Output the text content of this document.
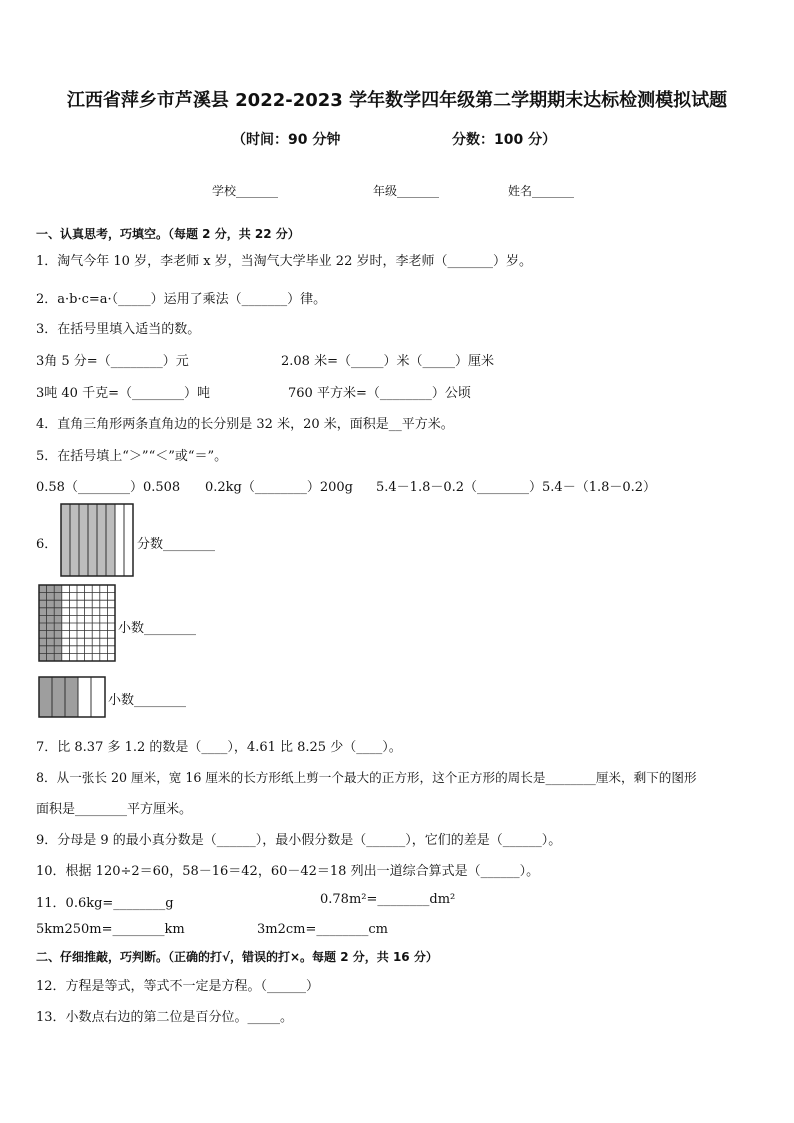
江西省萍乡市芦溪县 2022-2023 学年数学四年级第二学期期末达标检测模拟试题
（时间：90 分钟	分数：100 分）
学校_______	年级_______	姓名_______
一、认真思考，巧填空。（每题 2 分，共 22 分）
1．淘气今年 10 岁，李老师 x 岁，当淘气大学毕业 22 岁时，李老师（_______）岁。
2．a·b·c=a·（_____）运用了乘法（_______）律。
3．在括号里填入适当的数。
3角 5 分=（________）元	2.08 米=（_____）米（_____）厘米
3吨 40 千克=（________）吨	760 平方米=（________）公顷
4．直角三角形两条直角边的长分别是 32 米，20 米，面积是__平方米。
5．在括号填上“＞”“＜”或“＝”。
0.58（________）0.508 0.2kg（________）200g 5.4－1.8－0.2（________）5.4－（1.8－0.2）
6．	分数________
小数________
小数________
7．比 8.37 多 1.2 的数是（____），4.61 比 8.25 少（____）。
8．从一张长 20 厘米，宽 16 厘米的长方形纸上剪一个最大的正方形，这个正方形的周长是________厘米，剩下的图形
面积是________平方厘米。
9．分母是 9 的最小真分数是（______），最小假分数是（______），它们的差是（______）。
10．根据 120÷2＝60，58－16＝42，60－42＝18 列出一道综合算式是（______）。
11．0.6kg=________g	0.78m²=________dm²
5km250m=________km	3m2cm=________cm
二、仔细推敲，巧判断。（正确的打√，错误的打×。每题 2 分，共 16 分）
12．方程是等式，等式不一定是方程。（______）
13．小数点右边的第二位是百分位。_____。
